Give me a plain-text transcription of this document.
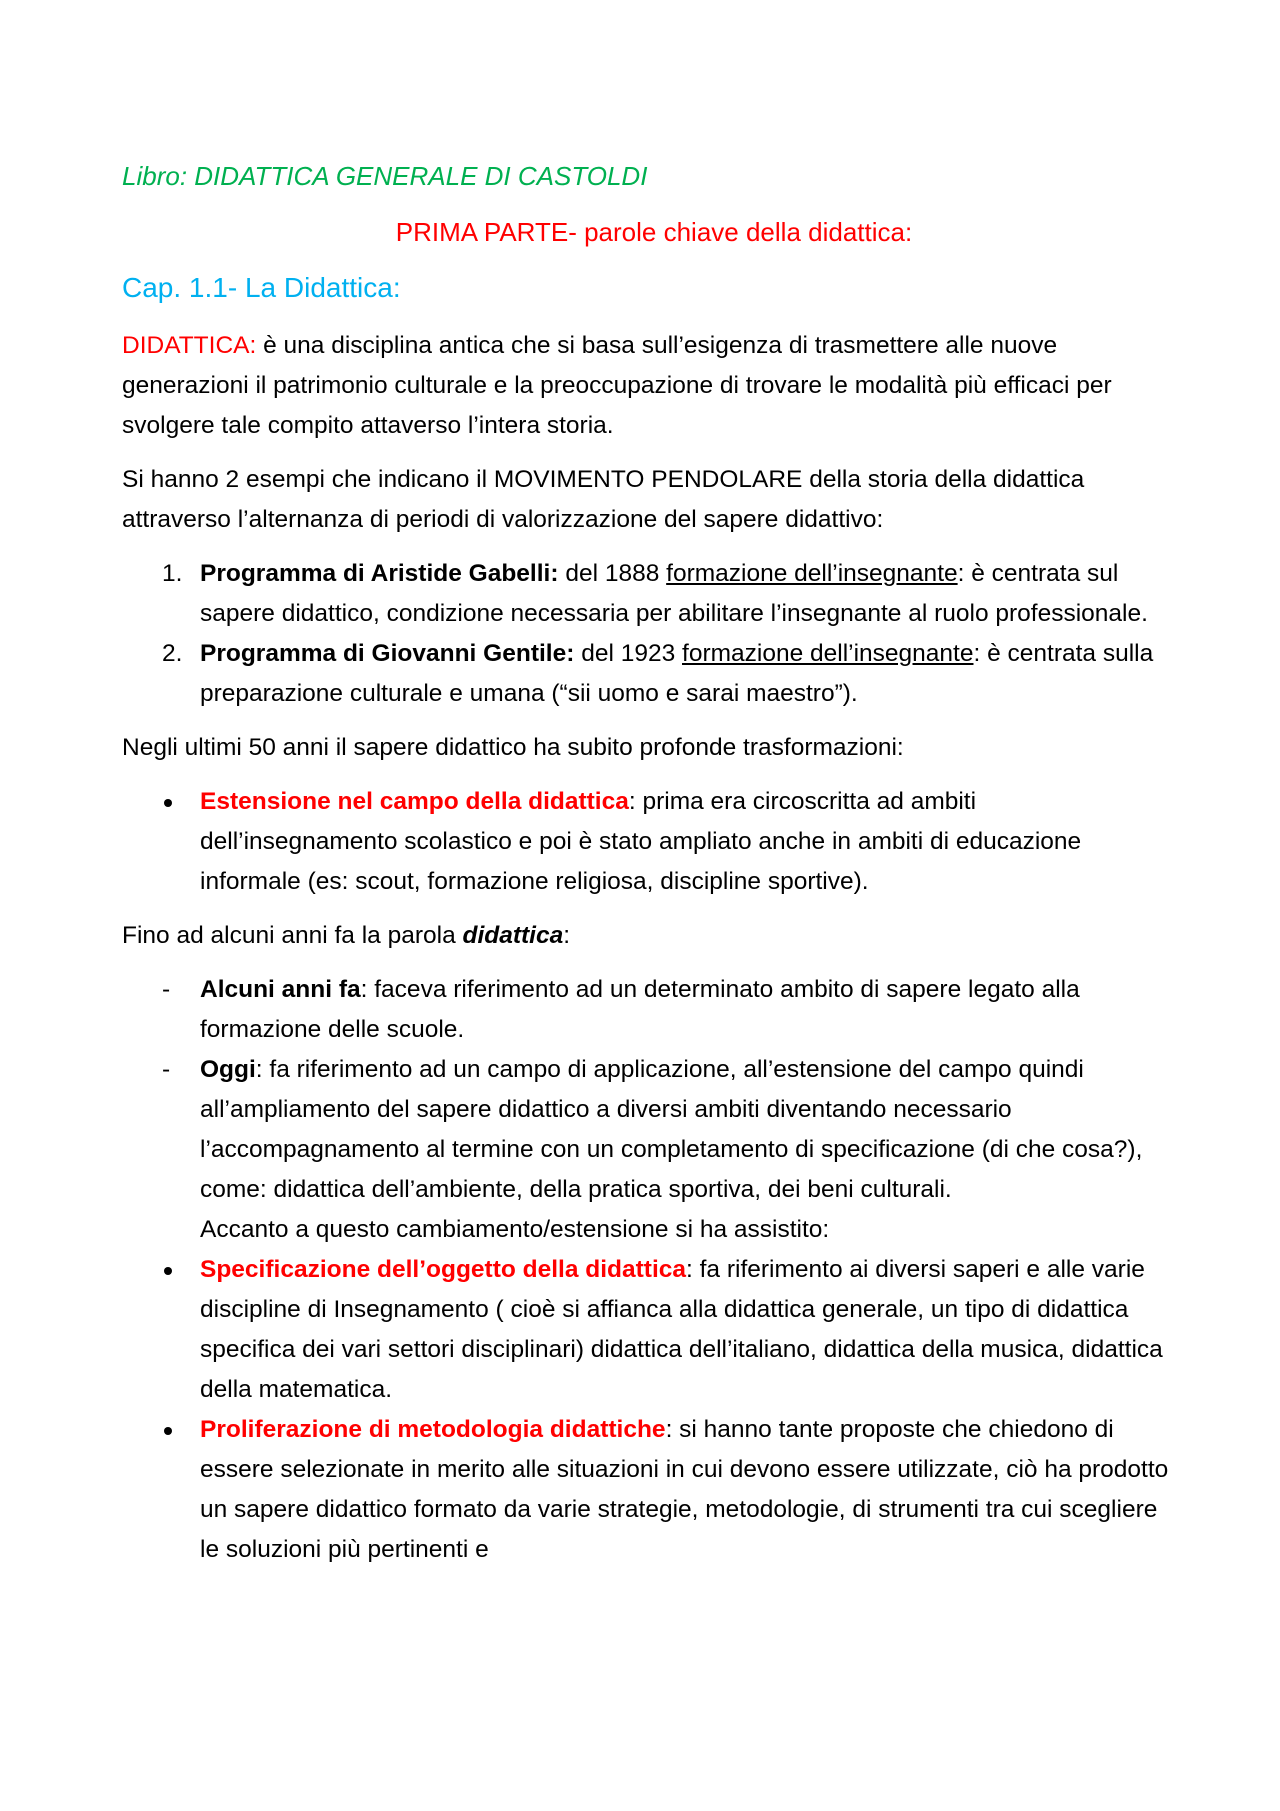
Libro: DIDATTICA GENERALE DI CASTOLDI

PRIMA PARTE- parole chiave della didattica:

Cap. 1.1- La Didattica:

DIDATTICA: è una disciplina antica che si basa sull’esigenza di trasmettere alle nuove generazioni il patrimonio culturale e la preoccupazione di trovare le modalità più efficaci per svolgere tale compito attaverso l’intera storia.

Si hanno 2 esempi che indicano il MOVIMENTO PENDOLARE della storia della didattica attraverso l’alternanza di periodi di valorizzazione del sapere didattivo:

1. Programma di Aristide Gabelli: del 1888 formazione dell’insegnante: è centrata sul sapere didattico, condizione necessaria per abilitare l’insegnante al ruolo professionale.
2. Programma di Giovanni Gentile: del 1923 formazione dell’insegnante: è centrata sulla preparazione culturale e umana (“sii uomo e sarai maestro”).

Negli ultimi 50 anni il sapere didattico ha subito profonde trasformazioni:

Estensione nel campo della didattica: prima era circoscritta ad ambiti dell’insegnamento scolastico e poi è stato ampliato anche in ambiti di educazione informale (es: scout, formazione religiosa, discipline sportive).

Fino ad alcuni anni fa la parola didattica:

- Alcuni anni fa: faceva riferimento ad un determinato ambito di sapere legato alla formazione delle scuole.
- Oggi: fa riferimento ad un campo di applicazione, all’estensione del campo quindi all’ampliamento del sapere didattico a diversi ambiti diventando necessario l’accompagnamento al termine con un completamento di specificazione (di che cosa?), come: didattica dell’ambiente, della pratica sportiva, dei beni culturali.
Accanto a questo cambiamento/estensione si ha assistito:
Specificazione dell’oggetto della didattica: fa riferimento ai diversi saperi e alle varie discipline di Insegnamento ( cioè si affianca alla didattica generale, un tipo di didattica specifica dei vari settori disciplinari) didattica dell’italiano, didattica della musica, didattica della matematica.
Proliferazione di metodologia didattiche: si hanno tante proposte che chiedono di essere selezionate in merito alle situazioni in cui devono essere utilizzate, ciò ha prodotto un sapere didattico formato da varie strategie, metodologie, di strumenti tra cui scegliere le soluzioni più pertinenti e
